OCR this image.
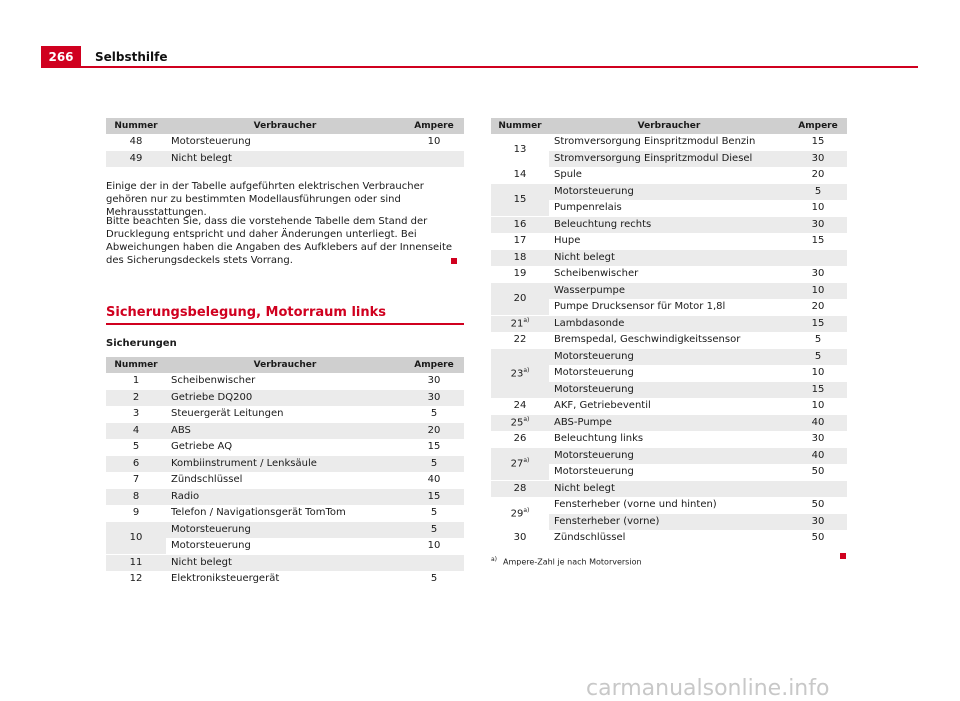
266	Selbsthilfe
Nummer	Verbraucher	Ampere
48	Motorsteuerung	10
49	Nicht belegt	

Einige der in der Tabelle aufgeführten elektrischen Verbraucher gehören nur zu bestimmten Modellausführungen oder sind Mehrausstattungen.

Bitte beachten Sie, dass die vorstehende Tabelle dem Stand der Drucklegung entspricht und daher Änderungen unterliegt. Bei Abweichungen haben die Angaben des Aufklebers auf der Innenseite des Sicherungsdeckels stets Vorrang.

Sicherungsbelegung, Motorraum links
Sicherungen
Nummer	Verbraucher	Ampere
1	Scheibenwischer	30
2	Getriebe DQ200	30
3	Steuergerät Leitungen	5
4	ABS	20
5	Getriebe AQ	15
6	Kombiinstrument / Lenksäule	5
7	Zündschlüssel	40
8	Radio	15
9	Telefon / Navigationsgerät TomTom	5
10	Motorsteuerung	5
	Motorsteuerung	10
11	Nicht belegt	
12	Elektroniksteuergerät	5
Nummer	Verbraucher	Ampere
13	Stromversorgung Einspritzmodul Benzin	15
	Stromversorgung Einspritzmodul Diesel	30
14	Spule	20
15	Motorsteuerung	5
	Pumpenrelais	10
16	Beleuchtung rechts	30
17	Hupe	15
18	Nicht belegt	
19	Scheibenwischer	30
20	Wasserpumpe	10
	Pumpe Drucksensor für Motor 1,8l	20
21$^{a)}$	Lambdasonde	15
22	Bremspedal, Geschwindigkeitssensor	5
23$^{a)}$	Motorsteuerung	5
	Motorsteuerung	10
	Motorsteuerung	15
24	AKF, Getriebeventil	10
25$^{a)}$	ABS-Pumpe	40
26	Beleuchtung links	30
27$^{a)}$	Motorsteuerung	40
	Motorsteuerung	50
28	Nicht belegt	
29$^{a)}$	Fensterheber (vorne und hinten)	50
	Fensterheber (vorne)	30
30	Zündschlüssel	50
$^{a)}$ Ampere-Zahl je nach Motorversion
carmanualsonline.info
